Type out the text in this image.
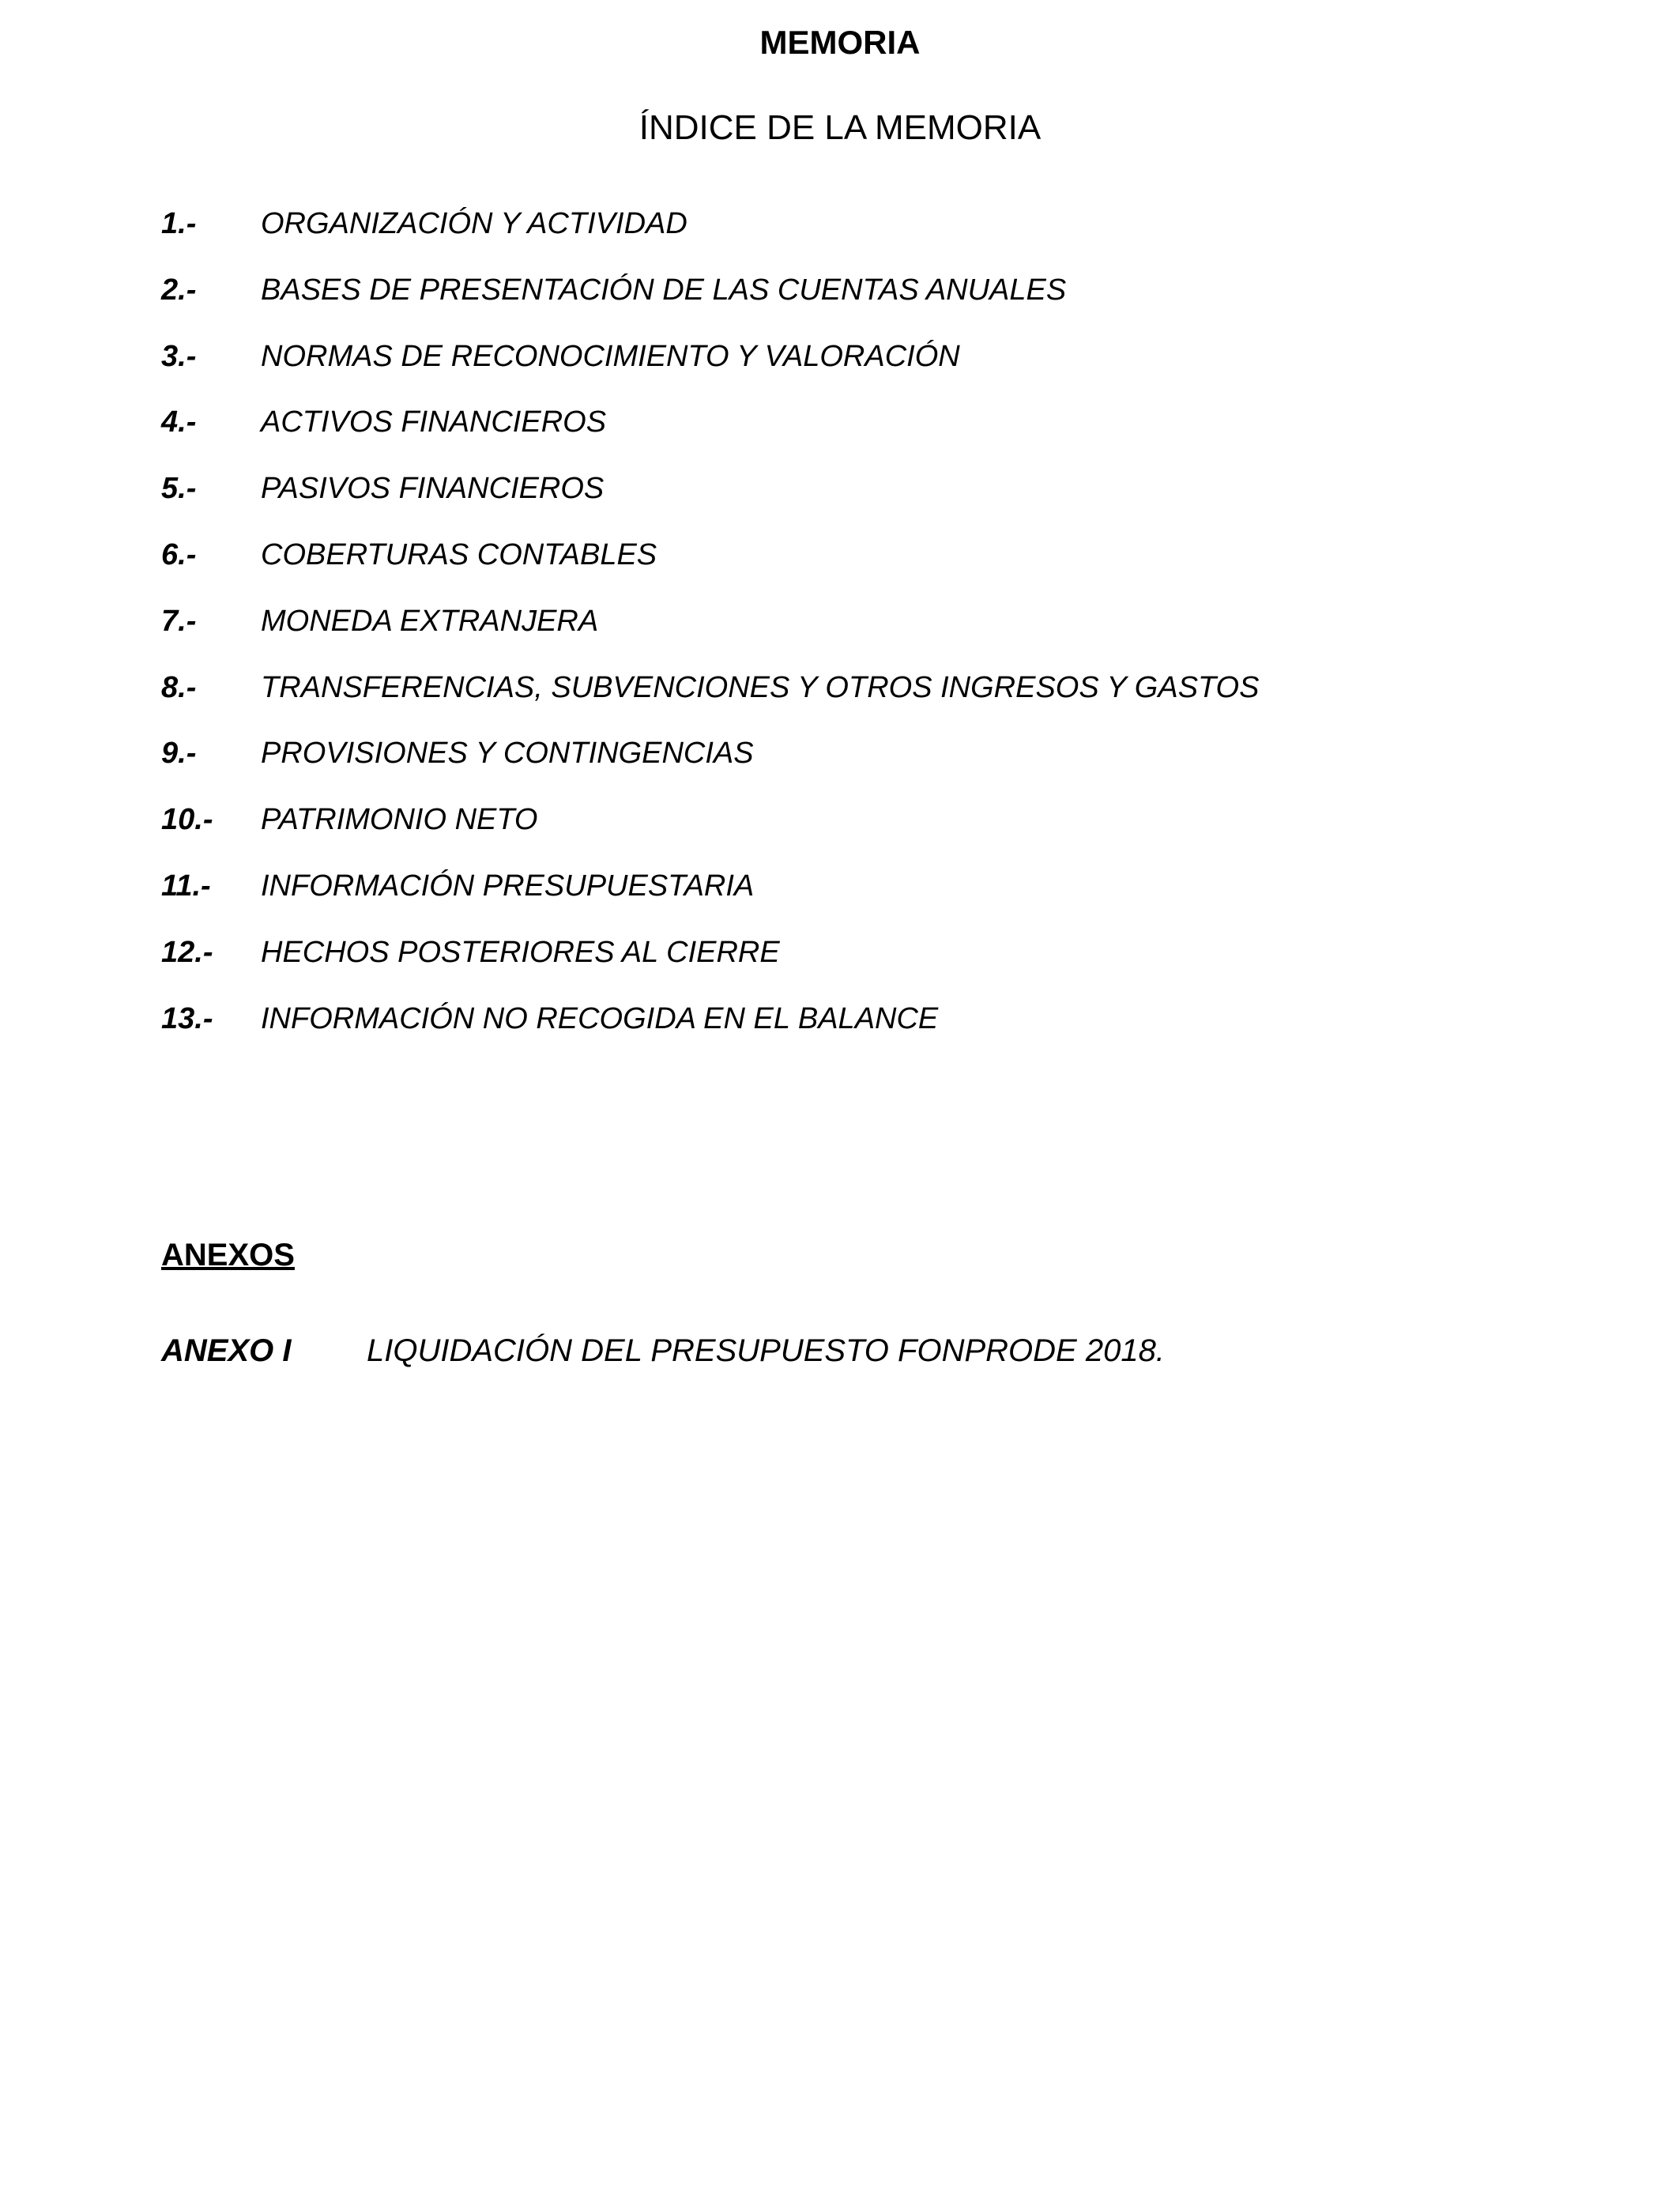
MEMORIA
ÍNDICE DE LA MEMORIA
1.-	ORGANIZACIÓN Y ACTIVIDAD
2.-	BASES DE PRESENTACIÓN DE LAS CUENTAS ANUALES
3.-	NORMAS DE RECONOCIMIENTO Y VALORACIÓN
4.-	ACTIVOS FINANCIEROS
5.-	PASIVOS FINANCIEROS
6.-	COBERTURAS CONTABLES
7.-	MONEDA EXTRANJERA
8.-	TRANSFERENCIAS, SUBVENCIONES Y OTROS INGRESOS Y GASTOS
9.-	PROVISIONES Y CONTINGENCIAS
10.-	PATRIMONIO NETO
11.-	INFORMACIÓN PRESUPUESTARIA
12.-	HECHOS POSTERIORES AL CIERRE
13.-	INFORMACIÓN NO RECOGIDA EN EL BALANCE
ANEXOS
ANEXO I	LIQUIDACIÓN DEL PRESUPUESTO FONPRODE 2018.
